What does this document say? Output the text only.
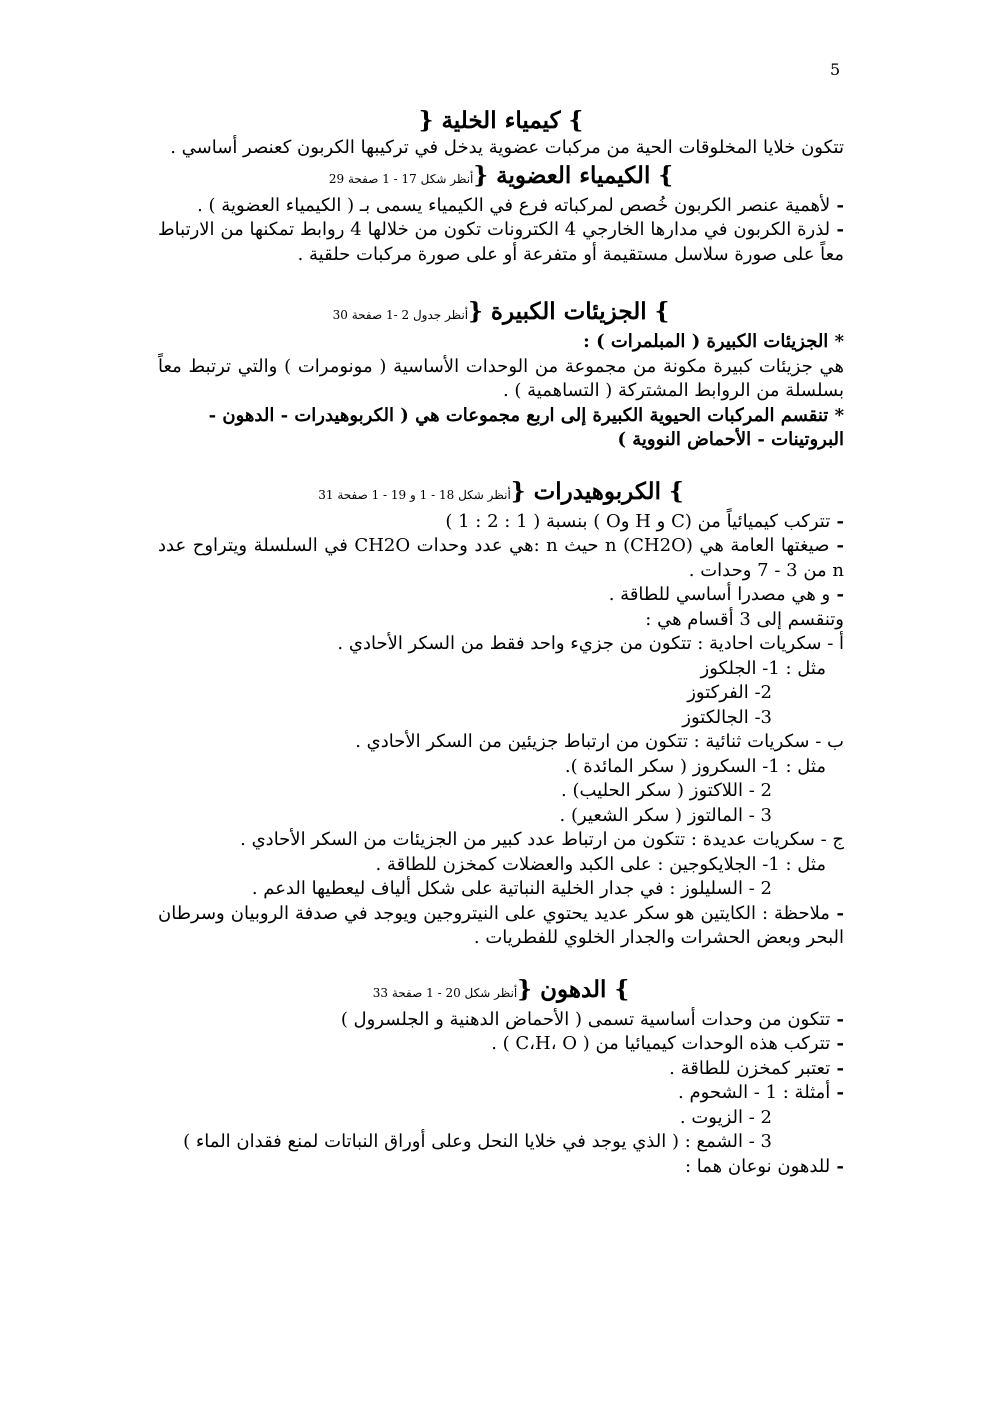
5
} كيمياء الخلية {
تتكون خلايا المخلوقات الحية من مركبات عضوية يدخل في تركيبها الكربون كعنصر أساسي .
} الكيمياء العضوية {أنظر شكل 17 - 1 صفحة 29
- لأهمية عنصر الكربون خُصص لمركباته فرع في الكيمياء يسمى بـ ( الكيمياء العضوية ) .
- لذرة الكربون في مدارها الخارجي 4 الكترونات تكون من خلالها 4 روابط تمكنها من الارتباط معاً على صورة سلاسل مستقيمة أو متفرعة أو على صورة مركبات حلقية .
} الجزيئات الكبيرة {أنظر جدول 2 -1 صفحة 30
* الجزيئات الكبيرة ( المبلمرات ) :
هي جزيئات كبيرة مكونة من مجموعة من الوحدات الأساسية ( مونومرات ) والتي ترتبط معاً بسلسلة من الروابط المشتركة ( التساهمية ) .
* تنقسم المركبات الحيوية الكبيرة إلى اربع مجموعات هي ( الكربوهيدرات - الدهون -
البروتينات - الأحماض النووية )
} الكربوهيدرات {أنظر شكل 18 - 1 و 19 - 1 صفحة 31
- تتركب كيميائياً من (C و H وO ) بنسبة ( 1 : 2 : 1 )
- صيغتها العامة هي n (CH2O) حيث n :هي عدد وحدات CH2O في السلسلة ويتراوح عدد n من 3 - 7 وحدات .
- و هي مصدرا أساسي للطاقة .
وتنقسم إلى 3 أقسام هي :
أ - سكريات احادية : تتكون من جزيء واحد فقط من السكر الأحادي .
مثل : 1- الجلكوز
2- الفركتوز
3- الجالكتوز
ب - سكريات ثنائية : تتكون من ارتباط جزيئين من السكر الأحادي .
مثل : 1- السكروز ( سكر المائدة ).
2 - اللاكتوز ( سكر الحليب) .
3 - المالتوز ( سكر الشعير) .
ج - سكريات عديدة : تتكون من ارتباط عدد كبير من الجزيئات من السكر الأحادي .
مثل : 1- الجلايكوجين : على الكبد والعضلات كمخزن للطاقة .
2 - السليلوز : في جدار الخلية النباتية على شكل ألياف ليعطيها الدعم .
- ملاحظة : الكايتين هو سكر عديد يحتوي على النيتروجين ويوجد في صدفة الروبيان وسرطان البحر وبعض الحشرات والجدار الخلوي للفطريات .
} الدهون {أنظر شكل 20 - 1 صفحة 33
- تتكون من وحدات أساسية تسمى ( الأحماض الدهنية و الجلسرول )
- تتركب هذه الوحدات كيميائيا من ( C،H، O ) .
- تعتبر كمخزن للطاقة .
- أمثلة : 1 - الشحوم .
2 - الزيوت .
3 - الشمع : ( الذي يوجد في خلايا النحل وعلى أوراق النباتات لمنع فقدان الماء )
- للدهون نوعان هما :
